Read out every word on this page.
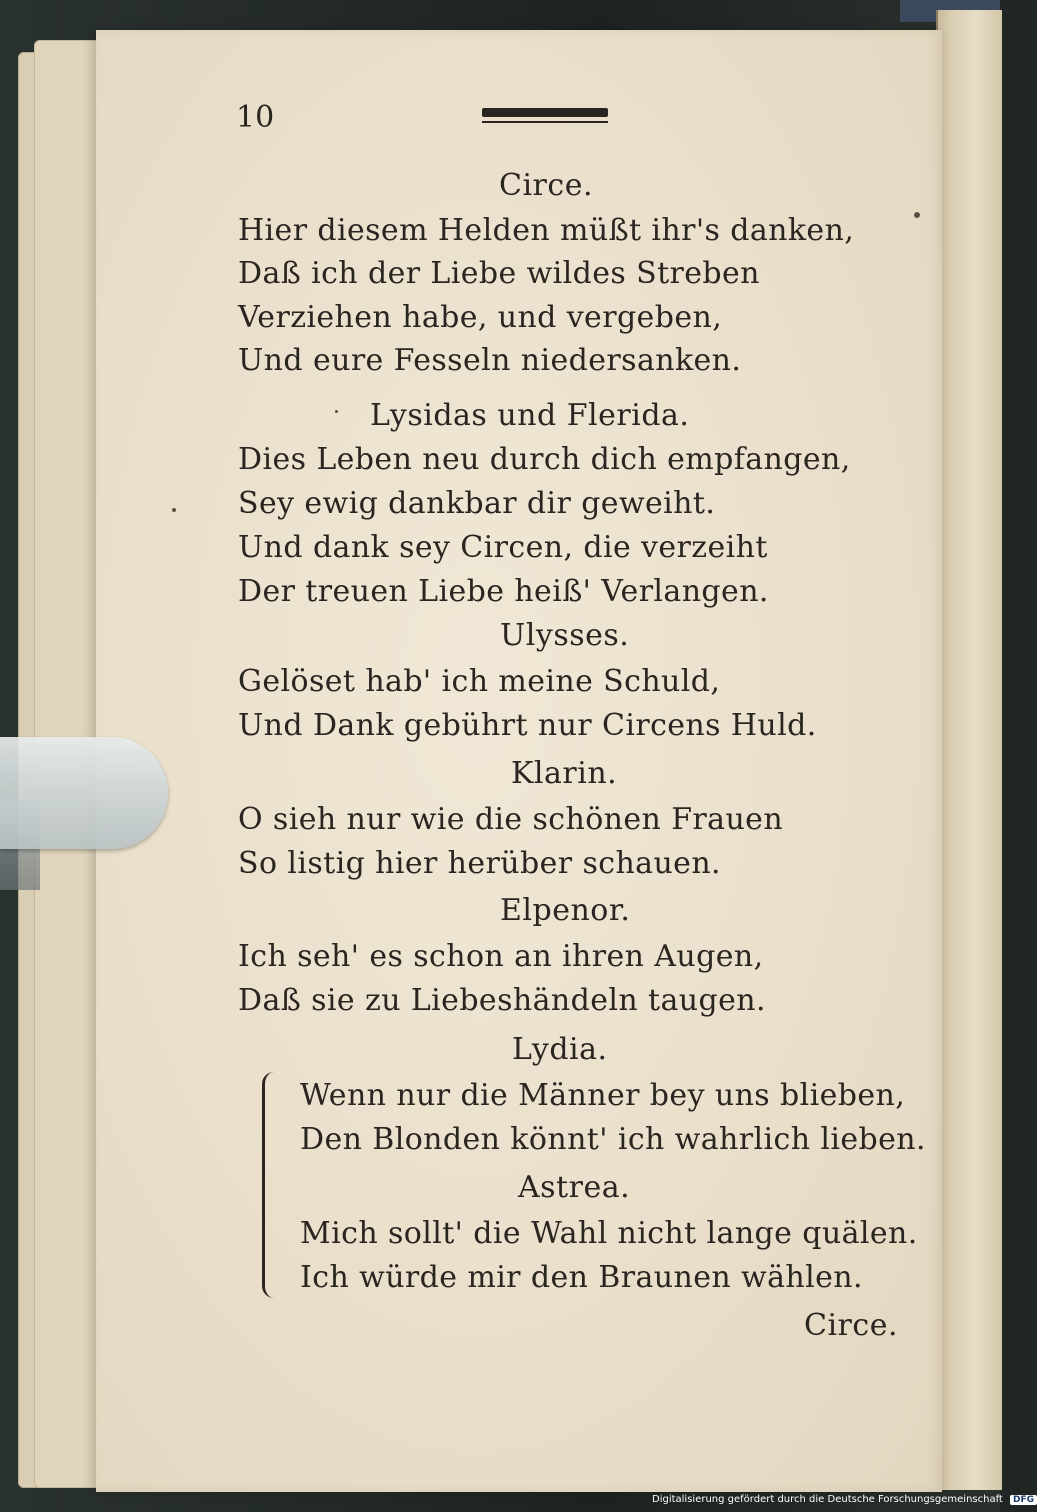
10
Circe.
Hier diesem Helden müßt ihr's danken,
Daß ich der Liebe wildes Streben
Verziehen habe, und vergeben,
Und eure Fesseln niedersanken.
Lysidas und Flerida.
Dies Leben neu durch dich empfangen,
Sey ewig dankbar dir geweiht.
Und dank sey Circen, die verzeiht
Der treuen Liebe heiß' Verlangen.
Ulysses.
Gelöset hab' ich meine Schuld,
Und Dank gebührt nur Circens Huld.
Klarin.
O sieh nur wie die schönen Frauen
So listig hier herüber schauen.
Elpenor.
Ich seh' es schon an ihren Augen,
Daß sie zu Liebeshändeln taugen.
Lydia.
Wenn nur die Männer bey uns blieben,
Den Blonden könnt' ich wahrlich lieben.
Astrea.
Mich sollt' die Wahl nicht lange quälen.
Ich würde mir den Braunen wählen.
Circe.
Digitalisierung gefördert durch die Deutsche Forschungsgemeinschaft DFG
